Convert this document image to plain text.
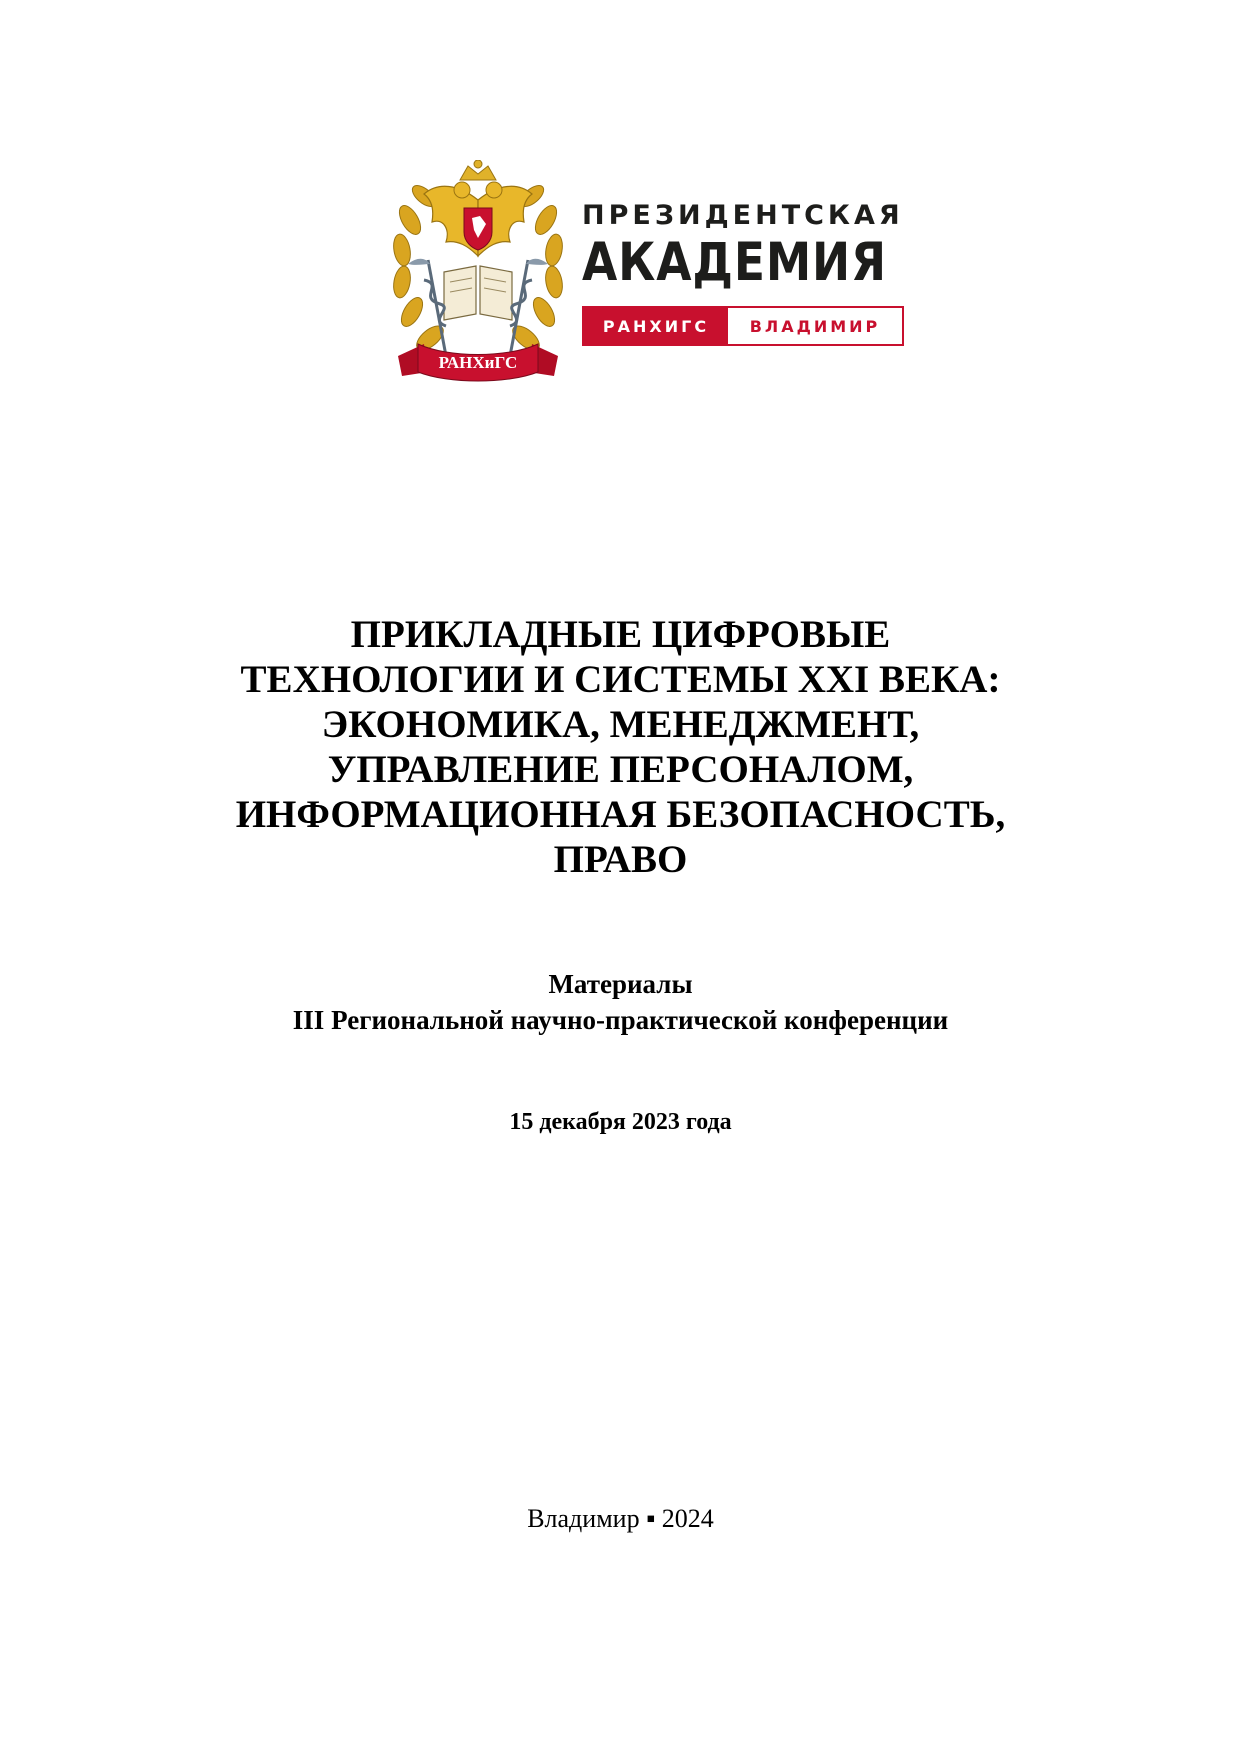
РАНХиГС
ПРЕЗИДЕНТСКАЯ
АКАДЕМИЯ
РАНХИГС	ВЛАДИМИР
ПРИКЛАДНЫЕ ЦИФРОВЫЕ
ТЕХНОЛОГИИ И СИСТЕМЫ XXI ВЕКА:
ЭКОНОМИКА, МЕНЕДЖМЕНТ,
УПРАВЛЕНИЕ ПЕРСОНАЛОМ,
ИНФОРМАЦИОННАЯ БЕЗОПАСНОСТЬ,
ПРАВО
Материалы
III Региональной научно-практической конференции
15 декабря 2023 года
Владимир ▪ 2024
